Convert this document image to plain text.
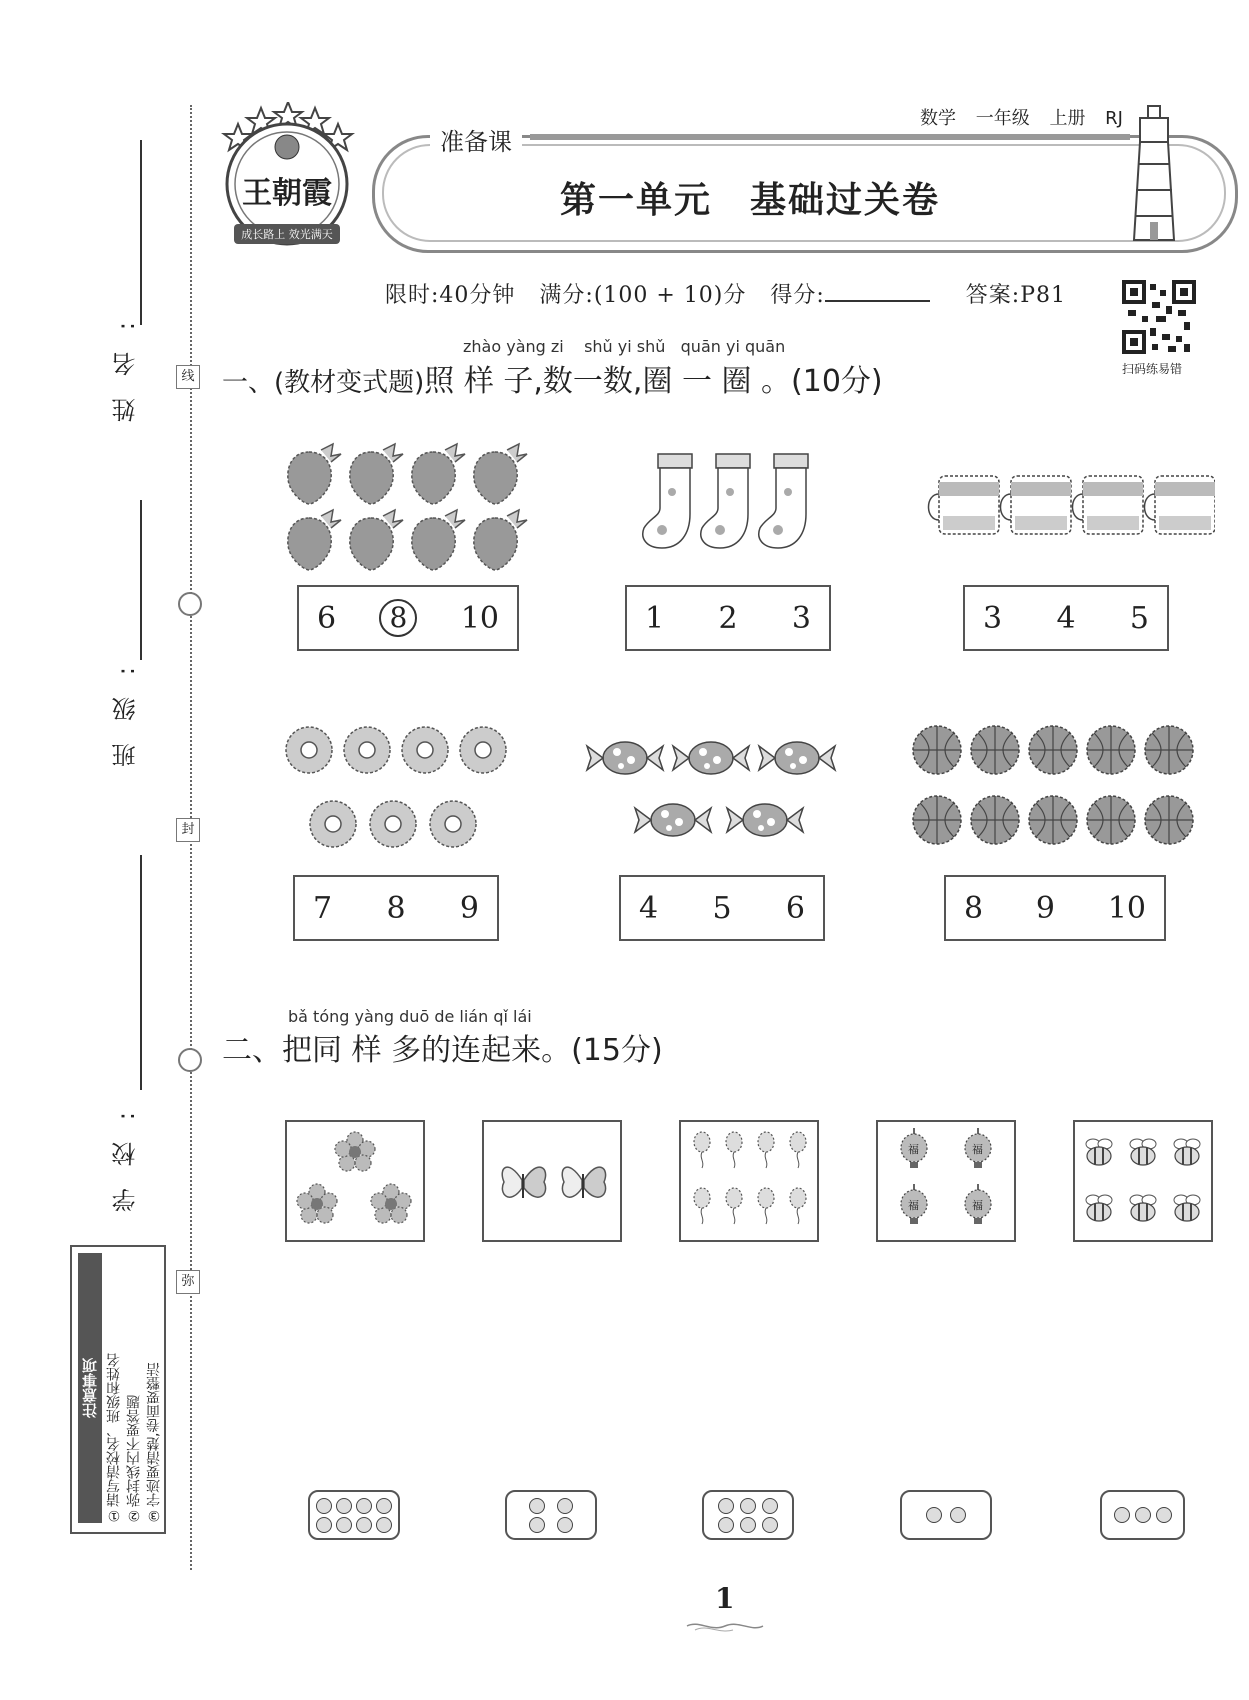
姓名:
班级:
学校:
线
封
弥
注意事项 ①请写清校名、班级和姓名 ②弥封线内不要答题 ③字迹要清楚,卷面要整洁
王朝霞
成长路上 效光满天
准备课
第一单元　基础过关卷
数学 一年级 上册 RJ
限时:40分钟 满分:(100 + 10)分 得分:	答案:P81
扫码练易错
zhào yàng zi    shǔ yi shǔ   quān yi quān
一、(教材变式题)照 样 子,数一数,圈 一 圈 。(10分)
6	8	10	1 2 3	3 4 5
7 8 9	4 5 6	8 9 10
bǎ tóng yàng duō de lián qǐ lái
二、把同 样 多的连起来。(15分)
福	福
福	福
1
